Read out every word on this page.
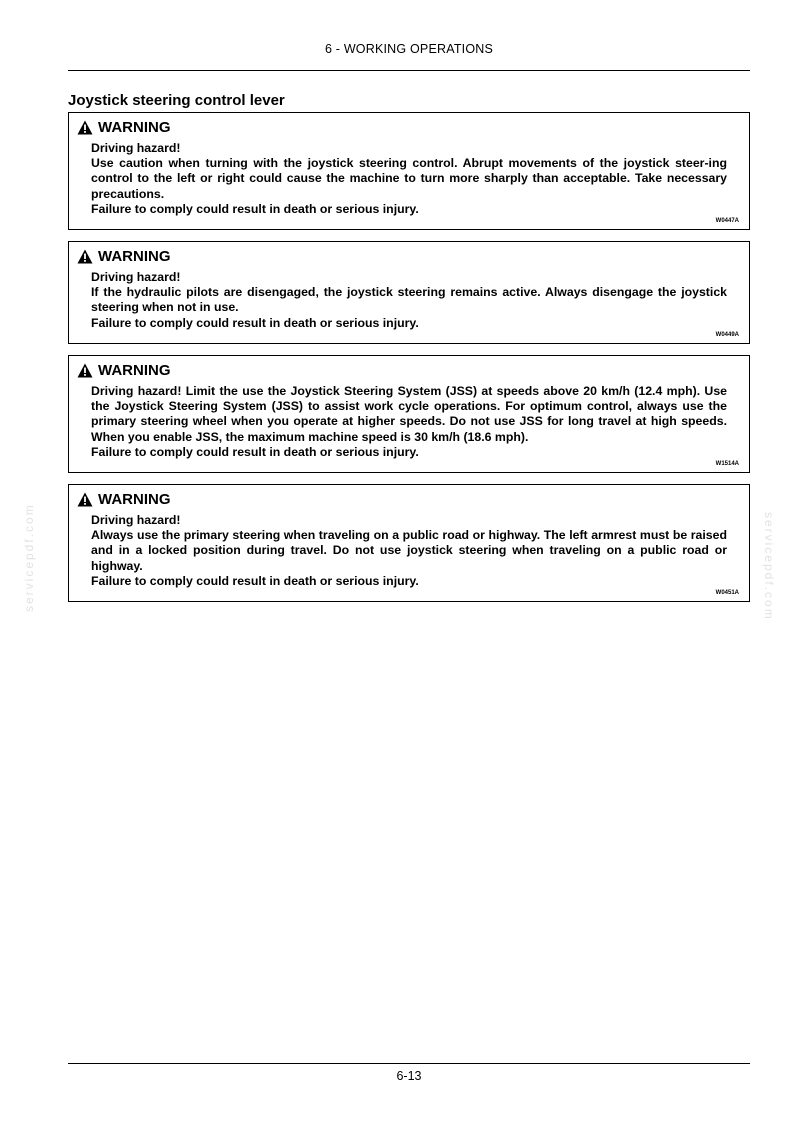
6 - WORKING OPERATIONS
Joystick steering control lever
WARNING
Driving hazard!
Use caution when turning with the joystick steering control. Abrupt movements of the joystick steer-ing control to the left or right could cause the machine to turn more sharply than acceptable. Take necessary precautions.
Failure to comply could result in death or serious injury.
W0447A
WARNING
Driving hazard!
If the hydraulic pilots are disengaged, the joystick steering remains active. Always disengage the joystick steering when not in use.
Failure to comply could result in death or serious injury.
W0449A
WARNING
Driving hazard! Limit the use the Joystick Steering System (JSS) at speeds above 20 km/h (12.4 mph). Use the Joystick Steering System (JSS) to assist work cycle operations. For optimum control, always use the primary steering wheel when you operate at higher speeds. Do not use JSS for long travel at high speeds. When you enable JSS, the maximum machine speed is 30 km/h (18.6 mph).
Failure to comply could result in death or serious injury.
W1514A
WARNING
Driving hazard!
Always use the primary steering when traveling on a public road or highway. The left armrest must be raised and in a locked position during travel. Do not use joystick steering when traveling on a public road or highway.
Failure to comply could result in death or serious injury.
W0451A
servicepdf.com	servicepdf.com
6-13
